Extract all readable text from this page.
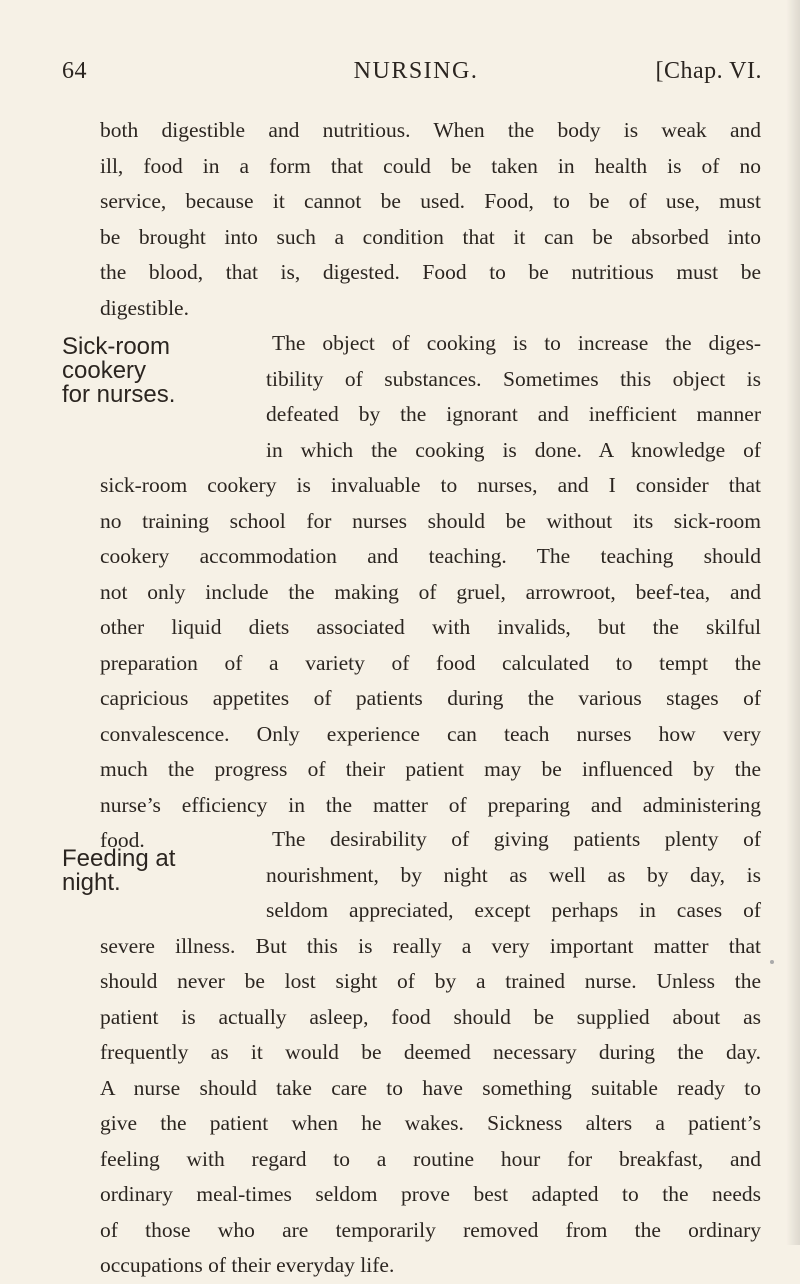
64	NURSING.	[Chap. VI.
both digestible and nutritious. When the body is weak and
ill, food in a form that could be taken in health is of no
service, because it cannot be used. Food, to be of use, must
be brought into such a condition that it can be absorbed into
the blood, that is, digested. Food to be nutritious must be
digestible.
Sick-room
cookery
for nurses.
The object of cooking is to increase the diges-
tibility of substances. Sometimes this object is
defeated by the ignorant and inefficient manner
in which the cooking is done. A knowledge of
sick-room cookery is invaluable to nurses, and I consider that
no training school for nurses should be without its sick-room
cookery accommodation and teaching. The teaching should
not only include the making of gruel, arrowroot, beef-tea, and
other liquid diets associated with invalids, but the skilful
preparation of a variety of food calculated to tempt the
capricious appetites of patients during the various stages of
convalescence. Only experience can teach nurses how very
much the progress of their patient may be influenced by the
nurse’s efficiency in the matter of preparing and administering
food.
Feeding at
night.
The desirability of giving patients plenty of
nourishment, by night as well as by day, is
seldom appreciated, except perhaps in cases of
severe illness. But this is really a very important matter that
should never be lost sight of by a trained nurse. Unless the
patient is actually asleep, food should be supplied about as
frequently as it would be deemed necessary during the day.
A nurse should take care to have something suitable ready to
give the patient when he wakes. Sickness alters a patient’s
feeling with regard to a routine hour for breakfast, and
ordinary meal-times seldom prove best adapted to the needs
of those who are temporarily removed from the ordinary
occupations of their everyday life.
